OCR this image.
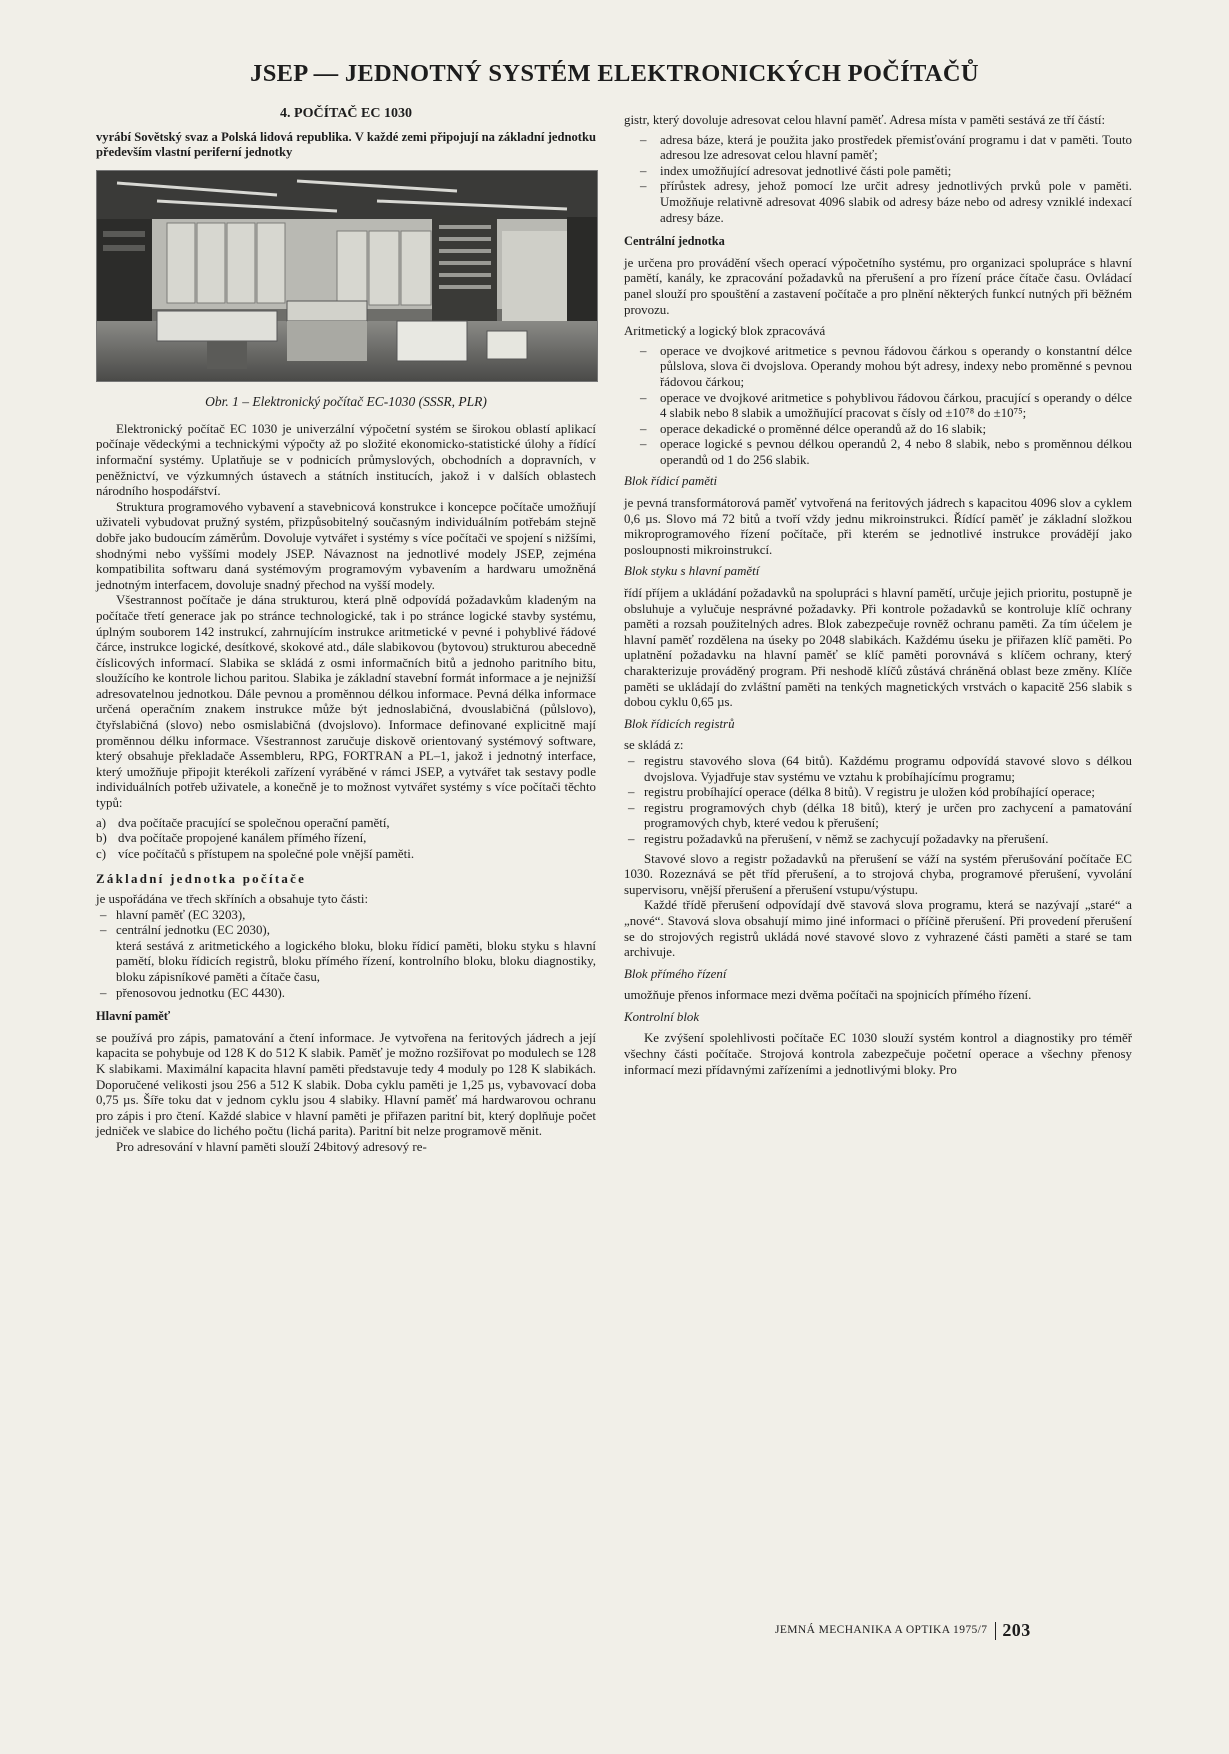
JSEP — JEDNOTNÝ SYSTÉM ELEKTRONICKÝCH POČÍTAČŮ
4. POČÍTAČ EC 1030

vyrábí Sovětský svaz a Polská lidová republika. V každé zemi připojují na základní jednotku především vlastní periferní jednotky

Obr. 1 – Elektronický počítač EC-1030 (SSSR, PLR)

Elektronický počítač EC 1030 je univerzální výpočetní systém se širokou oblastí aplikací počínaje vědeckými a technickými výpočty až po složité ekonomicko-statistické úlohy a řídící informační systémy. Uplatňuje se v podnicích průmyslových, obchodních a dopravních, v peněžnictví, ve výzkumných ústavech a státních institucích, jakož i v dalších oblastech národního hospodářství.

Struktura programového vybavení a stavebnicová konstrukce i koncepce počítače umožňují uživateli vybudovat pružný systém, přizpůsobitelný současným individuálním potřebám stejně dobře jako budoucím záměrům. Dovoluje vytvářet i systémy s více počítači ve spojení s nižšími, shodnými nebo vyššími modely JSEP. Návaznost na jednotlivé modely JSEP, zejména kompatibilita softwaru daná systémovým programovým vybavením a hardwaru umožněná jednotným interfacem, dovoluje snadný přechod na vyšší modely.

Všestrannost počítače je dána strukturou, která plně odpovídá požadavkům kladeným na počítače třetí generace jak po stránce technologické, tak i po stránce logické stavby systému, úplným souborem 142 instrukcí, zahrnujícím instrukce aritmetické v pevné i pohyblivé řádové čárce, instrukce logické, desítkové, skokové atd., dále slabikovou (bytovou) strukturou abecedně číslicových informací. Slabika se skládá z osmi informačních bitů a jednoho paritního bitu, sloužícího ke kontrole lichou paritou. Slabika je základní stavební formát informace a je nejnižší adresovatelnou jednotkou. Dále pevnou a proměnnou délkou informace. Pevná délka informace určená operačním znakem instrukce může být jednoslabičná, dvouslabičná (půlslovo), čtyřslabičná (slovo) nebo osmislabičná (dvojslovo). Informace definované explicitně mají proměnnou délku informace. Všestrannost zaručuje diskově orientovaný systémový software, který obsahuje překladače Assembleru, RPG, FORTRAN a PL–1, jakož i jednotný interface, který umožňuje připojit kterékoli zařízení vyráběné v rámci JSEP, a vytvářet tak sestavy podle individuálních potřeb uživatele, a konečně je to možnost vytvářet systémy s více počítači těchto typů:

a) dva počítače pracující se společnou operační pamětí,
b) dva počítače propojené kanálem přímého řízení,
c) více počítačů s přístupem na společné pole vnější paměti.

Základní jednotka počítače

je uspořádána ve třech skříních a obsahuje tyto části:

– hlavní paměť (EC 3203),
– centrální jednotku (EC 2030),

která sestává z aritmetického a logického bloku, bloku řídicí paměti, bloku styku s hlavní pamětí, bloku řídicích registrů, bloku přímého řízení, kontrolního bloku, bloku diagnostiky, bloku zápisníkové paměti a čítače času,

– přenosovou jednotku (EC 4430).

Hlavní paměť

se používá pro zápis, pamatování a čtení informace. Je vytvořena na feritových jádrech a její kapacita se pohybuje od 128 K do 512 K slabik. Paměť je možno rozšiřovat po modulech se 128 K slabikami. Maximální kapacita hlavní paměti představuje tedy 4 moduly po 128 K slabikách. Doporučené velikosti jsou 256 a 512 K slabik. Doba cyklu paměti je 1,25 µs, vybavovací doba 0,75 µs. Šíře toku dat v jednom cyklu jsou 4 slabiky. Hlavní paměť má hardwarovou ochranu pro zápis i pro čtení. Každé slabice v hlavní paměti je přiřazen paritní bit, který doplňuje počet jedniček ve slabice do lichého počtu (lichá parita). Paritní bit nelze programově měnit.

Pro adresování v hlavní paměti slouží 24bitový adresový re-

gistr, který dovoluje adresovat celou hlavní paměť. Adresa místa v paměti sestává ze tří částí:

– adresa báze, která je použita jako prostředek přemisťování programu i dat v paměti. Touto adresou lze adresovat celou hlavní paměť;
– index umožňující adresovat jednotlivé části pole paměti;
– přírůstek adresy, jehož pomocí lze určit adresy jednotlivých prvků pole v paměti. Umožňuje relativně adresovat 4096 slabik od adresy báze nebo od adresy vzniklé indexací adresy báze.

Centrální jednotka

je určena pro provádění všech operací výpočetního systému, pro organizaci spolupráce s hlavní pamětí, kanály, ke zpracování požadavků na přerušení a pro řízení práce čítače času. Ovládací panel slouží pro spouštění a zastavení počítače a pro plnění některých funkcí nutných při běžném provozu.

Aritmetický a logický blok zpracovává

– operace ve dvojkové aritmetice s pevnou řádovou čárkou s operandy o konstantní délce půlslova, slova či dvojslova. Operandy mohou být adresy, indexy nebo proměnné s pevnou řádovou čárkou;
– operace ve dvojkové aritmetice s pohyblivou řádovou čárkou, pracující s operandy o délce 4 slabik nebo 8 slabik a umožňující pracovat s čísly od ±10⁷⁸ do ±10⁷⁵;
– operace dekadické o proměnné délce operandů až do 16 slabik;
– operace logické s pevnou délkou operandů 2, 4 nebo 8 slabik, nebo s proměnnou délkou operandů od 1 do 256 slabik.

Blok řídicí paměti

je pevná transformátorová paměť vytvořená na feritových jádrech s kapacitou 4096 slov a cyklem 0,6 µs. Slovo má 72 bitů a tvoří vždy jednu mikroinstrukci. Řídící paměť je základní složkou mikroprogramového řízení počítače, při kterém se jednotlivé instrukce provádějí jako posloupnosti mikroinstrukcí.

Blok styku s hlavní pamětí

řídí příjem a ukládání požadavků na spolupráci s hlavní pamětí, určuje jejich prioritu, postupně je obsluhuje a vylučuje nesprávné požadavky. Při kontrole požadavků se kontroluje klíč ochrany paměti a rozsah použitelných adres. Blok zabezpečuje rovněž ochranu paměti. Za tím účelem je hlavní paměť rozdělena na úseky po 2048 slabikách. Každému úseku je přiřazen klíč paměti. Po uplatnění požadavku na hlavní paměť se klíč paměti porovnává s klíčem ochrany, který charakterizuje prováděný program. Při neshodě klíčů zůstává chráněná oblast beze změny. Klíče paměti se ukládají do zvláštní paměti na tenkých magnetických vrstvách o kapacitě 256 slabik s dobou cyklu 0,65 µs.

Blok řídicích registrů

se skládá z:

– registru stavového slova (64 bitů). Každému programu odpovídá stavové slovo s délkou dvojslova. Vyjadřuje stav systému ve vztahu k probíhajícímu programu;
– registru probíhající operace (délka 8 bitů). V registru je uložen kód probíhající operace;
– registru programových chyb (délka 18 bitů), který je určen pro zachycení a pamatování programových chyb, které vedou k přerušení;
– registru požadavků na přerušení, v němž se zachycují požadavky na přerušení.

Stavové slovo a registr požadavků na přerušení se váží na systém přerušování počítače EC 1030. Rozeznává se pět tříd přerušení, a to strojová chyba, programové přerušení, vyvolání supervisoru, vnější přerušení a přerušení vstupu/výstupu.

Každé třídě přerušení odpovídají dvě stavová slova programu, která se nazývají „staré“ a „nové“. Stavová slova obsahují mimo jiné informaci o příčině přerušení. Při provedení přerušení se do strojových registrů ukládá nové stavové slovo z vyhrazené části paměti a staré se tam archivuje.

Blok přímého řízení

umožňuje přenos informace mezi dvěma počítači na spojnicích přímého řízení.

Kontrolní blok

Ke zvýšení spolehlivosti počítače EC 1030 slouží systém kontrol a diagnostiky pro téměř všechny části počítače. Strojová kontrola zabezpečuje početní operace a všechny přenosy informací mezi přídavnými zařízeními a jednotlivými bloky. Pro

JEMNÁ MECHANIKA A OPTIKA 1975/7 203
